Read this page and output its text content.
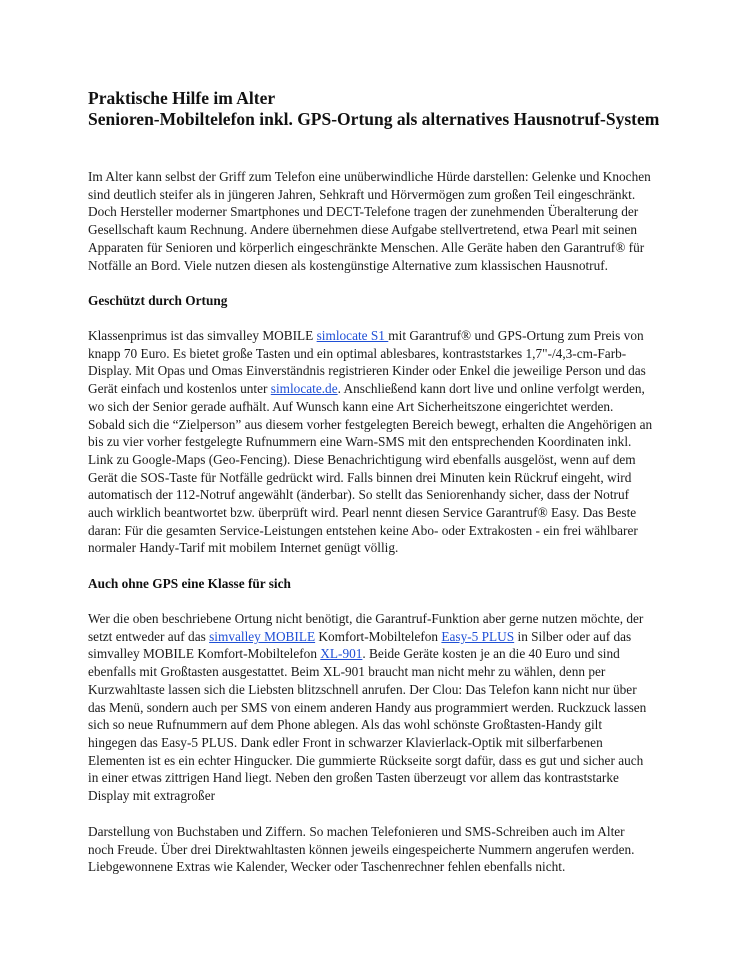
Praktische Hilfe im Alter
Senioren-Mobiltelefon inkl. GPS-Ortung als alternatives Hausnotruf-System
Im Alter kann selbst der Griff zum Telefon eine unüberwindliche Hürde darstellen: Gelenke und Knochen
sind deutlich steifer als in jüngeren Jahren, Sehkraft und Hörvermögen zum großen Teil eingeschränkt.
Doch Hersteller moderner Smartphones und DECT-Telefone tragen der zunehmenden Überalterung der
Gesellschaft kaum Rechnung. Andere übernehmen diese Aufgabe stellvertretend, etwa Pearl mit seinen
Apparaten für Senioren und körperlich eingeschränkte Menschen. Alle Geräte haben den Garantruf® für
Notfälle an Bord. Viele nutzen diesen als kostengünstige Alternative zum klassischen Hausnotruf.
Geschützt durch Ortung
Klassenprimus ist das simvalley MOBILE simlocate S1 mit Garantruf® und GPS-Ortung zum Preis von
knapp 70 Euro. Es bietet große Tasten und ein optimal ablesbares, kontraststarkes 1,7"-/4,3-cm-Farb-
Display. Mit Opas und Omas Einverständnis registrieren Kinder oder Enkel die jeweilige Person und das
Gerät einfach und kostenlos unter simlocate.de. Anschließend kann dort live und online verfolgt werden,
wo sich der Senior gerade aufhält. Auf Wunsch kann eine Art Sicherheitszone eingerichtet werden.
Sobald sich die “Zielperson” aus diesem vorher festgelegten Bereich bewegt, erhalten die Angehörigen an
bis zu vier vorher festgelegte Rufnummern eine Warn-SMS mit den entsprechenden Koordinaten inkl.
Link zu Google-Maps (Geo-Fencing). Diese Benachrichtigung wird ebenfalls ausgelöst, wenn auf dem
Gerät die SOS-Taste für Notfälle gedrückt wird. Falls binnen drei Minuten kein Rückruf eingeht, wird
automatisch der 112-Notruf angewählt (änderbar). So stellt das Seniorenhandy sicher, dass der Notruf
auch wirklich beantwortet bzw. überprüft wird. Pearl nennt diesen Service Garantruf® Easy. Das Beste
daran: Für die gesamten Service-Leistungen entstehen keine Abo- oder Extrakosten - ein frei wählbarer
normaler Handy-Tarif mit mobilem Internet genügt völlig.
Auch ohne GPS eine Klasse für sich
Wer die oben beschriebene Ortung nicht benötigt, die Garantruf-Funktion aber gerne nutzen möchte, der
setzt entweder auf das simvalley MOBILE Komfort-Mobiltelefon Easy-5 PLUS in Silber oder auf das
simvalley MOBILE Komfort-Mobiltelefon XL-901. Beide Geräte kosten je an die 40 Euro und sind
ebenfalls mit Großtasten ausgestattet. Beim XL-901 braucht man nicht mehr zu wählen, denn per
Kurzwahltaste lassen sich die Liebsten blitzschnell anrufen. Der Clou: Das Telefon kann nicht nur über
das Menü, sondern auch per SMS von einem anderen Handy aus programmiert werden. Ruckzuck lassen
sich so neue Rufnummern auf dem Phone ablegen. Als das wohl schönste Großtasten-Handy gilt
hingegen das Easy-5 PLUS. Dank edler Front in schwarzer Klavierlack-Optik mit silberfarbenen
Elementen ist es ein echter Hingucker. Die gummierte Rückseite sorgt dafür, dass es gut und sicher auch
in einer etwas zittrigen Hand liegt. Neben den großen Tasten überzeugt vor allem das kontraststarke
Display mit extragroßer
Darstellung von Buchstaben und Ziffern. So machen Telefonieren und SMS-Schreiben auch im Alter
noch Freude. Über drei Direktwahltasten können jeweils eingespeicherte Nummern angerufen werden.
Liebgewonnene Extras wie Kalender, Wecker oder Taschenrechner fehlen ebenfalls nicht.
